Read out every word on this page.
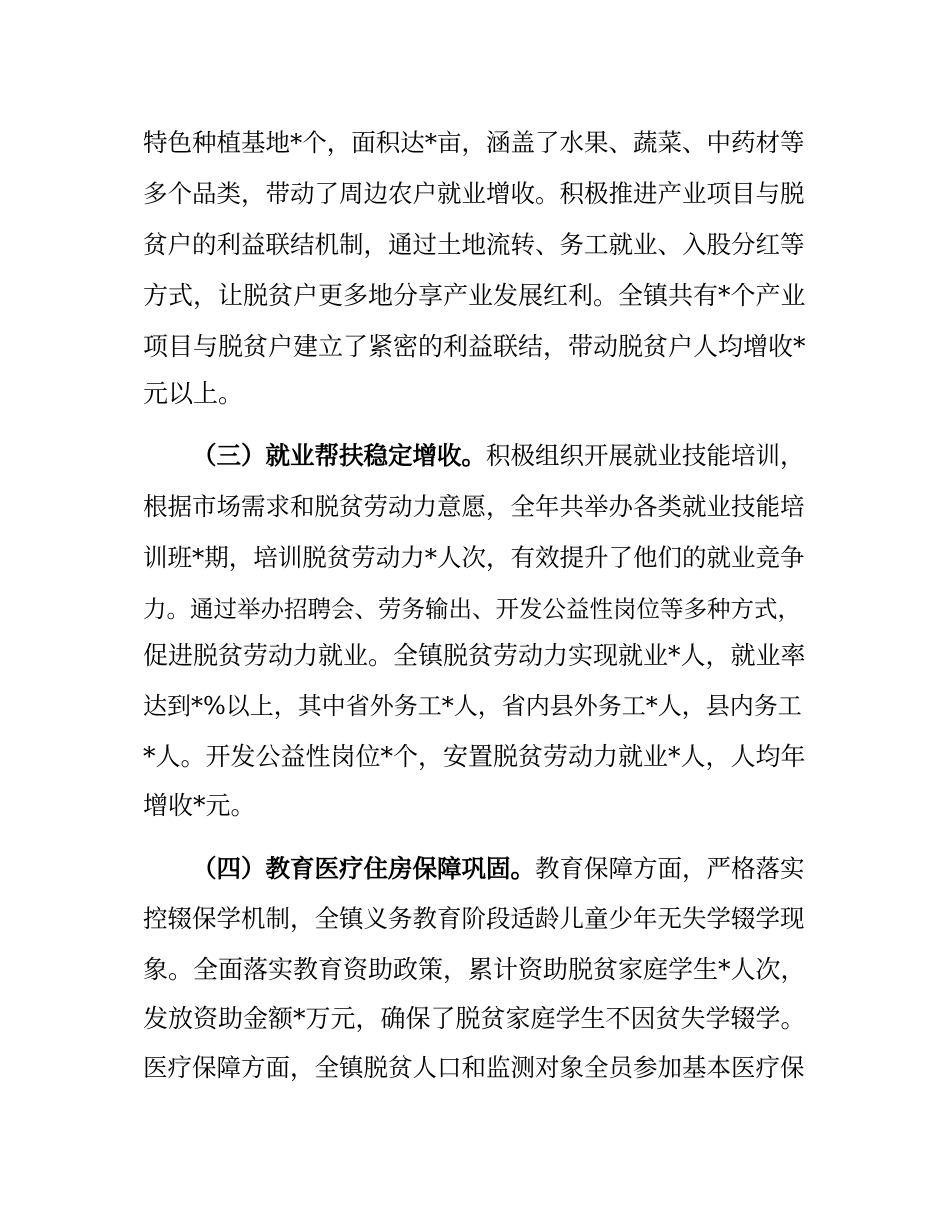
特色种植基地*个，面积达*亩，涵盖了水果、蔬菜、中药材等
多个品类，带动了周边农户就业增收。积极推进产业项目与脱
贫户的利益联结机制，通过土地流转、务工就业、入股分红等
方式，让脱贫户更多地分享产业发展红利。全镇共有*个产业
项目与脱贫户建立了紧密的利益联结，带动脱贫户人均增收*
元以上。
（三）就业帮扶稳定增收。积极组织开展就业技能培训，
根据市场需求和脱贫劳动力意愿，全年共举办各类就业技能培
训班*期，培训脱贫劳动力*人次，有效提升了他们的就业竞争
力。通过举办招聘会、劳务输出、开发公益性岗位等多种方式，
促进脱贫劳动力就业。全镇脱贫劳动力实现就业*人，就业率
达到*%以上，其中省外务工*人，省内县外务工*人，县内务工
*人。开发公益性岗位*个，安置脱贫劳动力就业*人，人均年
增收*元。
（四）教育医疗住房保障巩固。教育保障方面，严格落实
控辍保学机制，全镇义务教育阶段适龄儿童少年无失学辍学现
象。全面落实教育资助政策，累计资助脱贫家庭学生*人次，
发放资助金额*万元，确保了脱贫家庭学生不因贫失学辍学。
医疗保障方面，全镇脱贫人口和监测对象全员参加基本医疗保
